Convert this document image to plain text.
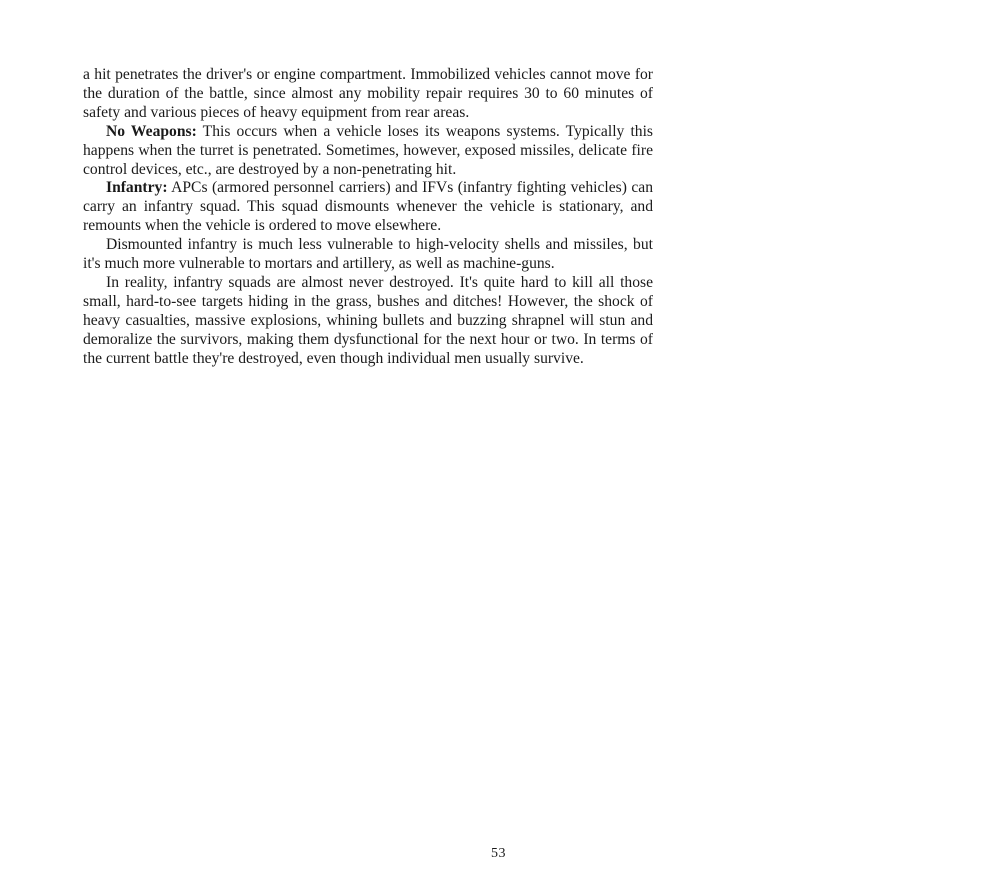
a hit penetrates the driver's or engine compartment. Immobilized vehicles cannot move for the duration of the battle, since almost any mobility repair requires 30 to 60 minutes of safety and various pieces of heavy equipment from rear areas.

No Weapons: This occurs when a vehicle loses its weapons systems. Typically this happens when the turret is penetrated. Sometimes, however, exposed missiles, delicate fire control devices, etc., are destroyed by a non-penetrating hit.

Infantry: APCs (armored personnel carriers) and IFVs (infantry fighting vehicles) can carry an infantry squad. This squad dismounts whenever the vehicle is stationary, and remounts when the vehicle is ordered to move elsewhere.

Dismounted infantry is much less vulnerable to high-velocity shells and missiles, but it's much more vulnerable to mortars and artillery, as well as machine-guns.

In reality, infantry squads are almost never destroyed. It's quite hard to kill all those small, hard-to-see targets hiding in the grass, bushes and ditches! However, the shock of heavy casualties, massive explosions, whining bullets and buzzing shrapnel will stun and demoralize the survivors, making them dysfunctional for the next hour or two. In terms of the current battle they're destroyed, even though individual men usually survive.

53
